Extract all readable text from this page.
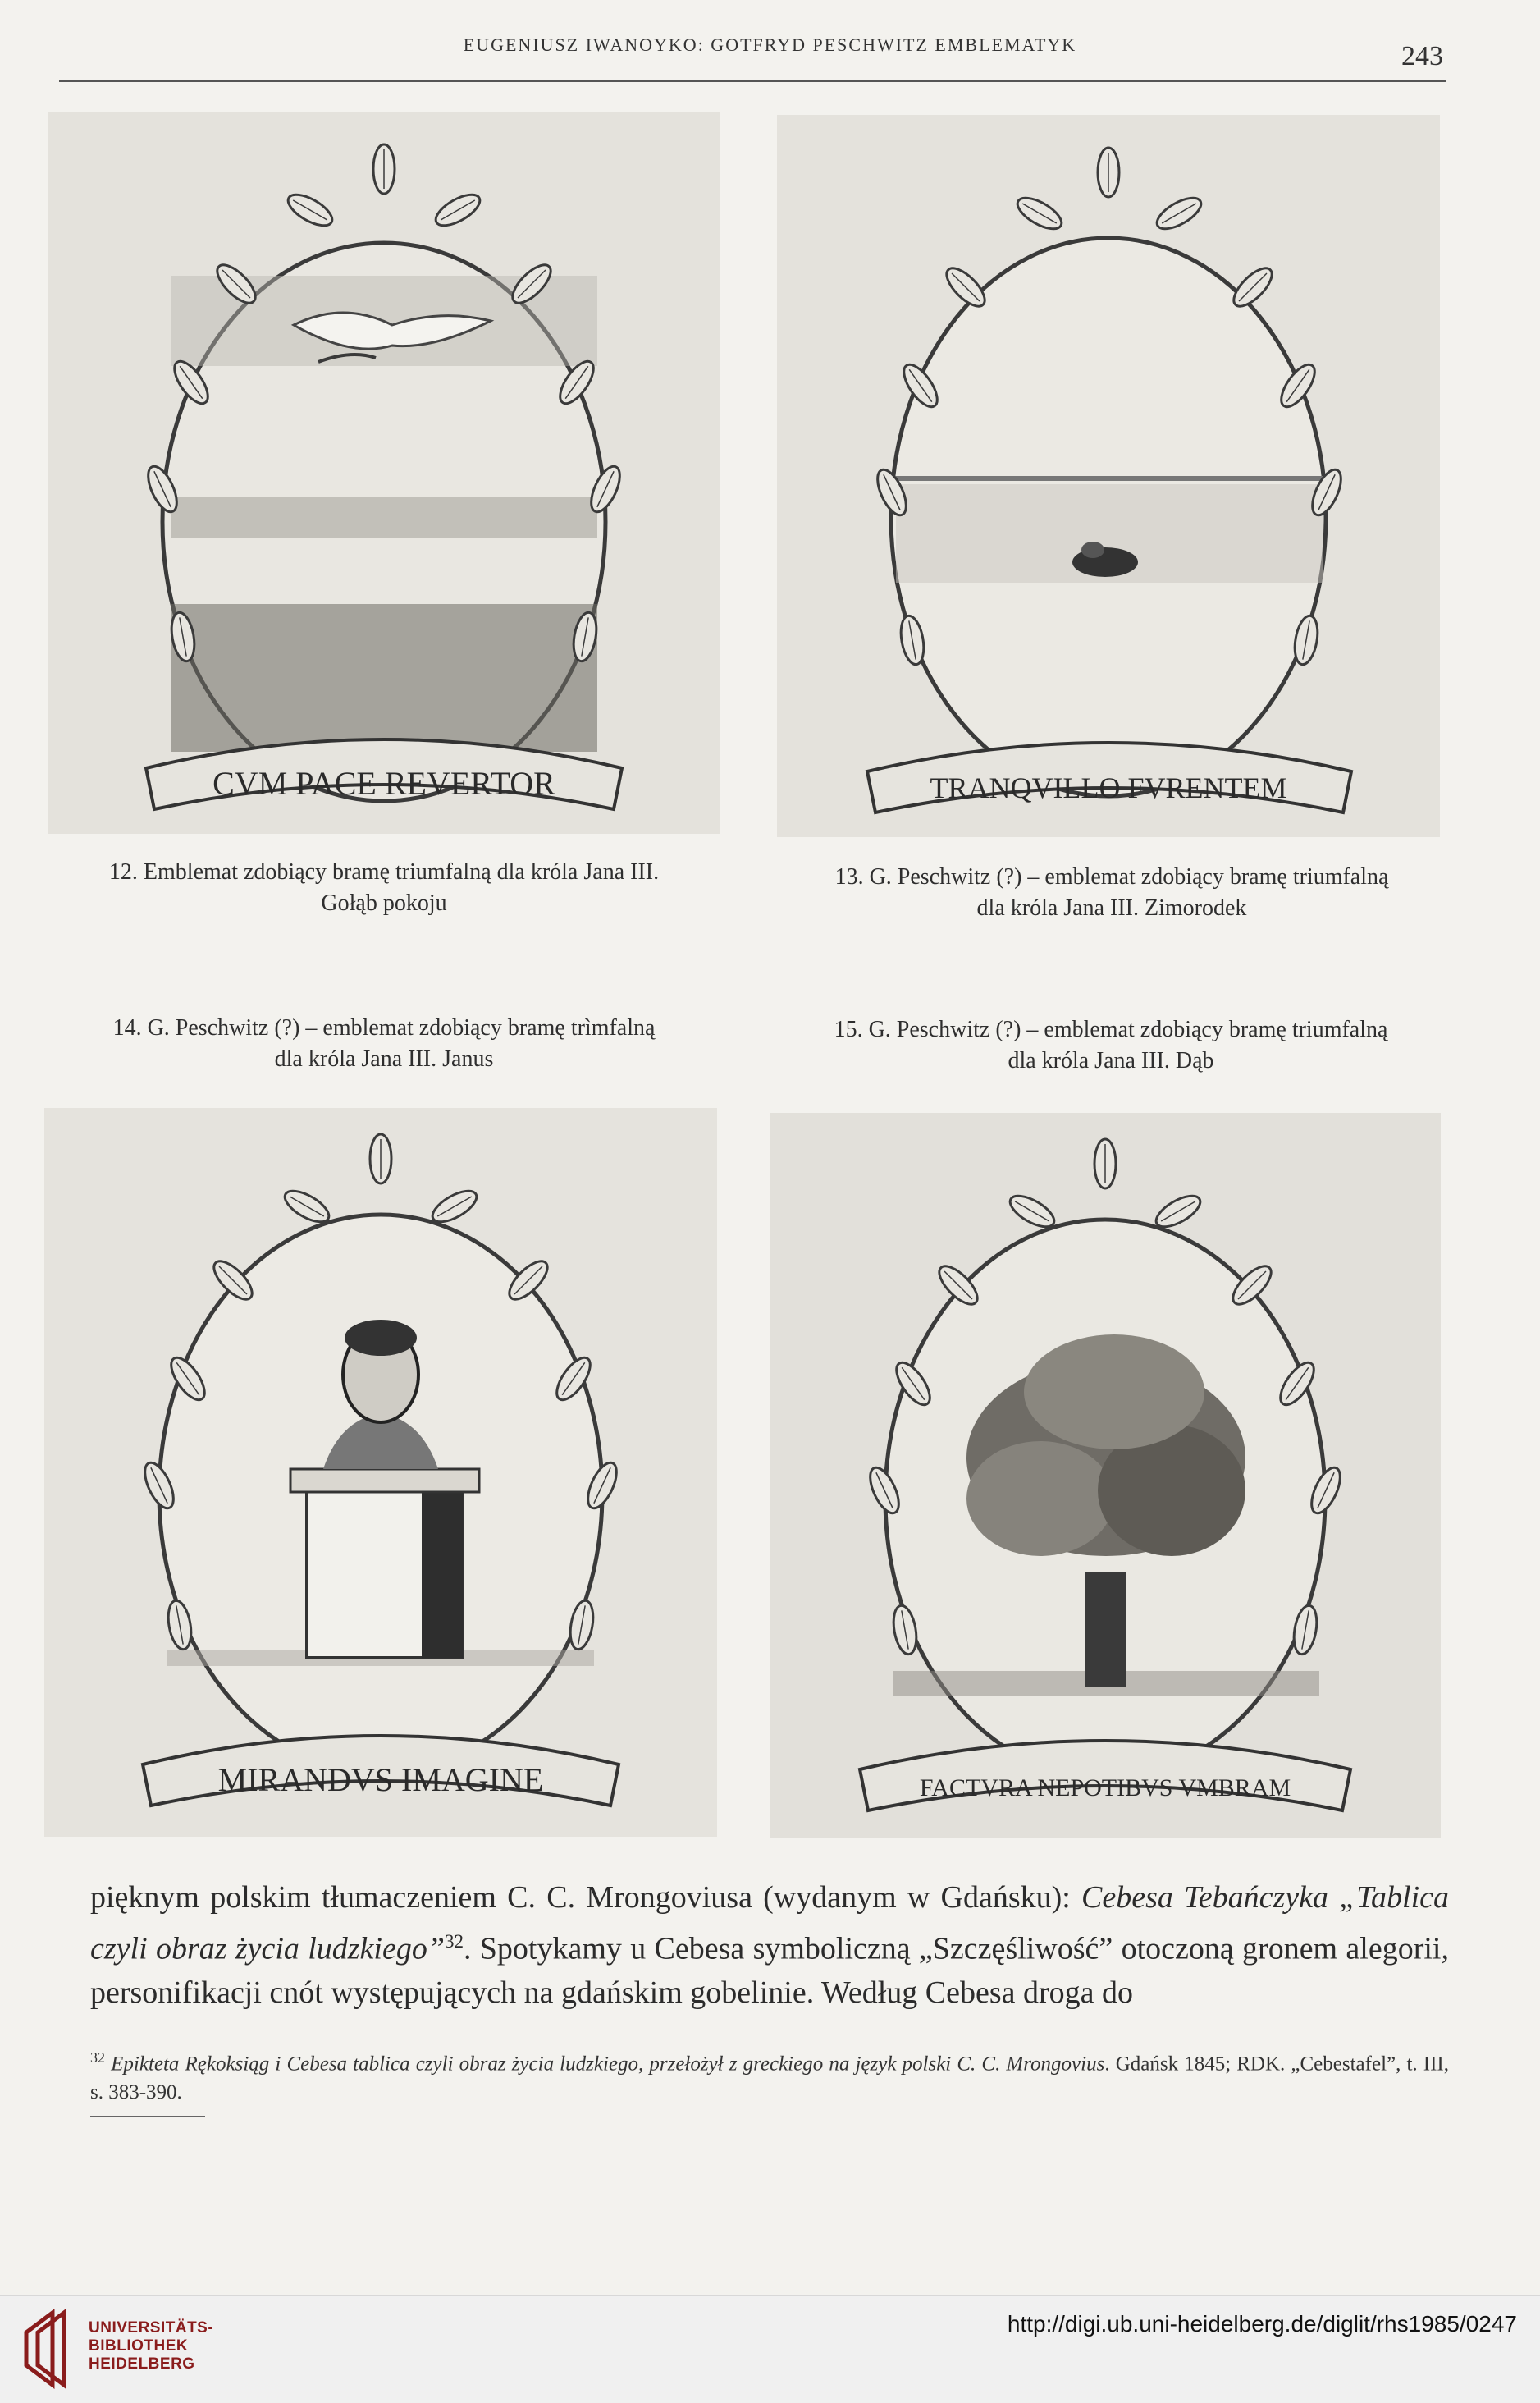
EUGENIUSZ IWANOYKO: GOTFRYD PESCHWITZ EMBLEMATYK	243
CVM PACE REVERTOR
12. Emblemat zdobiący bramę triumfalną dla króla Jana III.
Gołąb pokoju
TRANQVILLO FVRENTEM
13. G. Peschwitz (?) – emblemat zdobiący bramę triumfalną
dla króla Jana III. Zimorodek
14. G. Peschwitz (?) – emblemat zdobiący bramę trìmfalną
dla króla Jana III. Janus
15. G. Peschwitz (?) – emblemat zdobiący bramę triumfalną
dla króla Jana III. Dąb
MIRANDVS IMAGINE	FACTVRA NEPOTIBVS VMBRAM
pięknym polskim tłumaczeniem C. C. Mrongoviusa (wydanym w Gdańsku): Cebesa Tebańczyka „Tablica czyli obraz życia ludzkiego”$^{32}$. Spotykamy u Cebesa symboliczną „Szczęśliwość” otoczoną gronem alegorii, personifikacji cnót występujących na gdańskim gobelinie. Według Cebesa droga do
$^{32}$ Epikteta Rękoksiąg i Cebesa tablica czyli obraz życia ludzkiego, przełożył z greckiego na język polski C. C. Mrongovius. Gdańsk 1845; RDK. „Cebestafel”, t. III, s. 383-390.
UNIVERSITÄTS-
BIBLIOTHEK
HEIDELBERG
http://digi.ub.uni-heidelberg.de/diglit/rhs1985/0247
